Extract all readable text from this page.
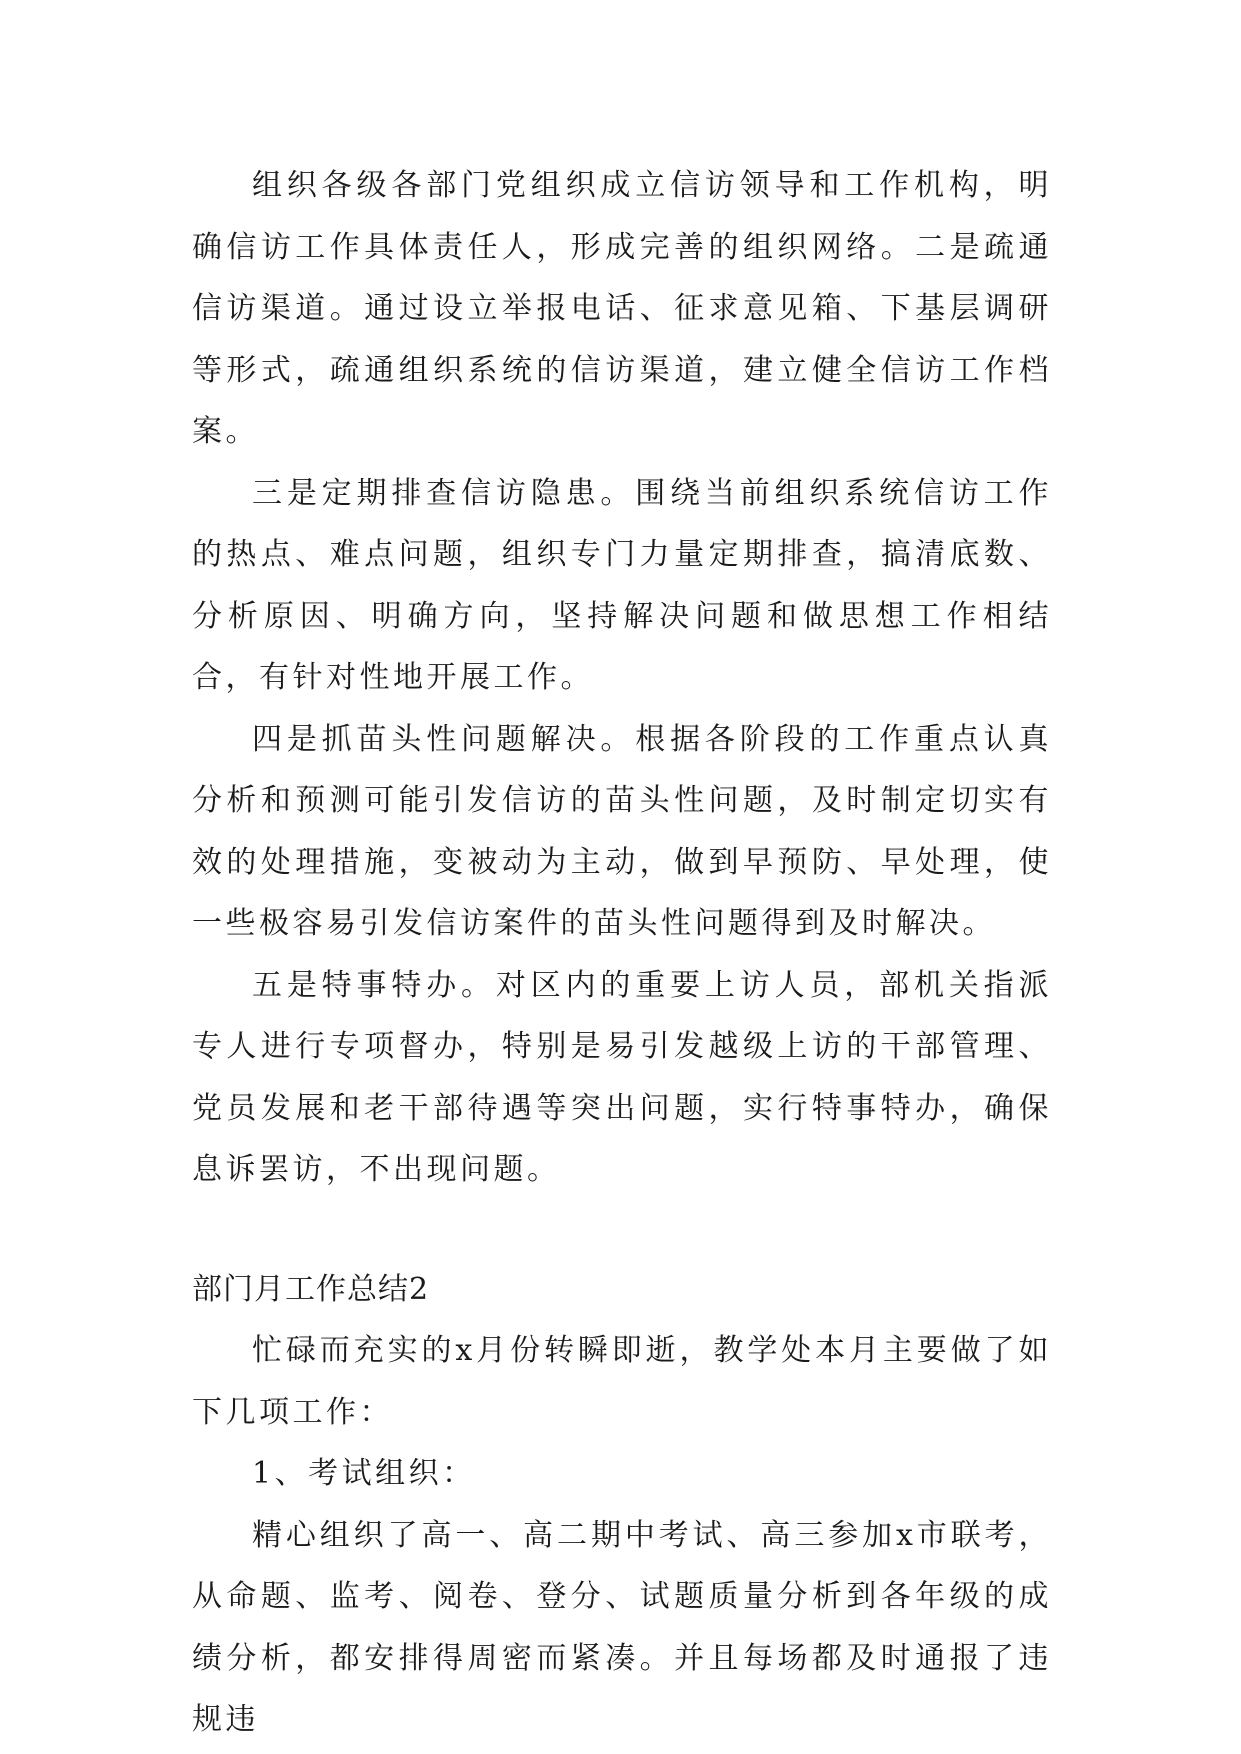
组织各级各部门党组织成立信访领导和工作机构，明确信访工作具体责任人，形成完善的组织网络。二是疏通信访渠道。通过设立举报电话、征求意见箱、下基层调研等形式，疏通组织系统的信访渠道，建立健全信访工作档案。

三是定期排查信访隐患。围绕当前组织系统信访工作的热点、难点问题，组织专门力量定期排查，搞清底数、分析原因、明确方向，坚持解决问题和做思想工作相结合，有针对性地开展工作。

四是抓苗头性问题解决。根据各阶段的工作重点认真分析和预测可能引发信访的苗头性问题，及时制定切实有效的处理措施，变被动为主动，做到早预防、早处理，使一些极容易引发信访案件的苗头性问题得到及时解决。

五是特事特办。对区内的重要上访人员，部机关指派专人进行专项督办，特别是易引发越级上访的干部管理、党员发展和老干部待遇等突出问题，实行特事特办，确保息诉罢访，不出现问题。

部门月工作总结2

忙碌而充实的x月份转瞬即逝，教学处本月主要做了如下几项工作：

1、考试组织：

精心组织了高一、高二期中考试、高三参加x市联考，从命题、监考、阅卷、登分、试题质量分析到各年级的成绩分析，都安排得周密而紧凑。并且每场都及时通报了违规违
